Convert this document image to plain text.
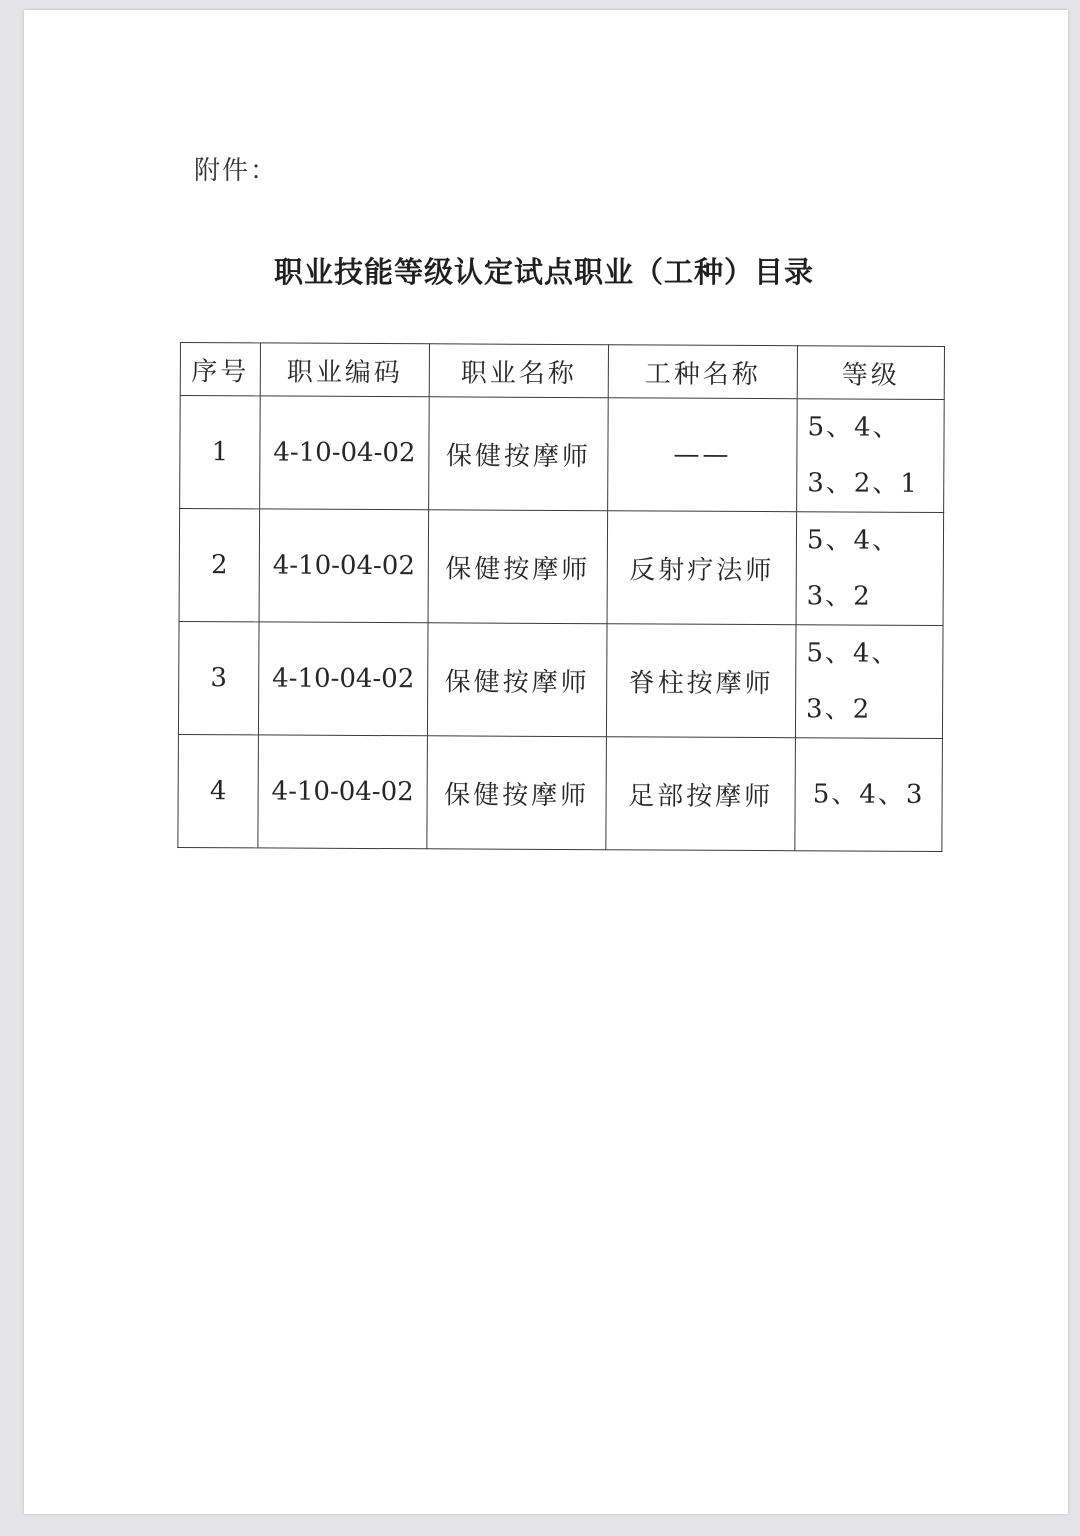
附件：
职业技能等级认定试点职业（工种）目录
序号	职业编码	职业名称	工种名称	等级
1	4-10-04-02	保健按摩师	——	5、4、3、2、1
2	4-10-04-02	保健按摩师	反射疗法师	5、4、3、2
3	4-10-04-02	保健按摩师	脊柱按摩师	5、4、3、2
4	4-10-04-02	保健按摩师	足部按摩师	5、4、3
